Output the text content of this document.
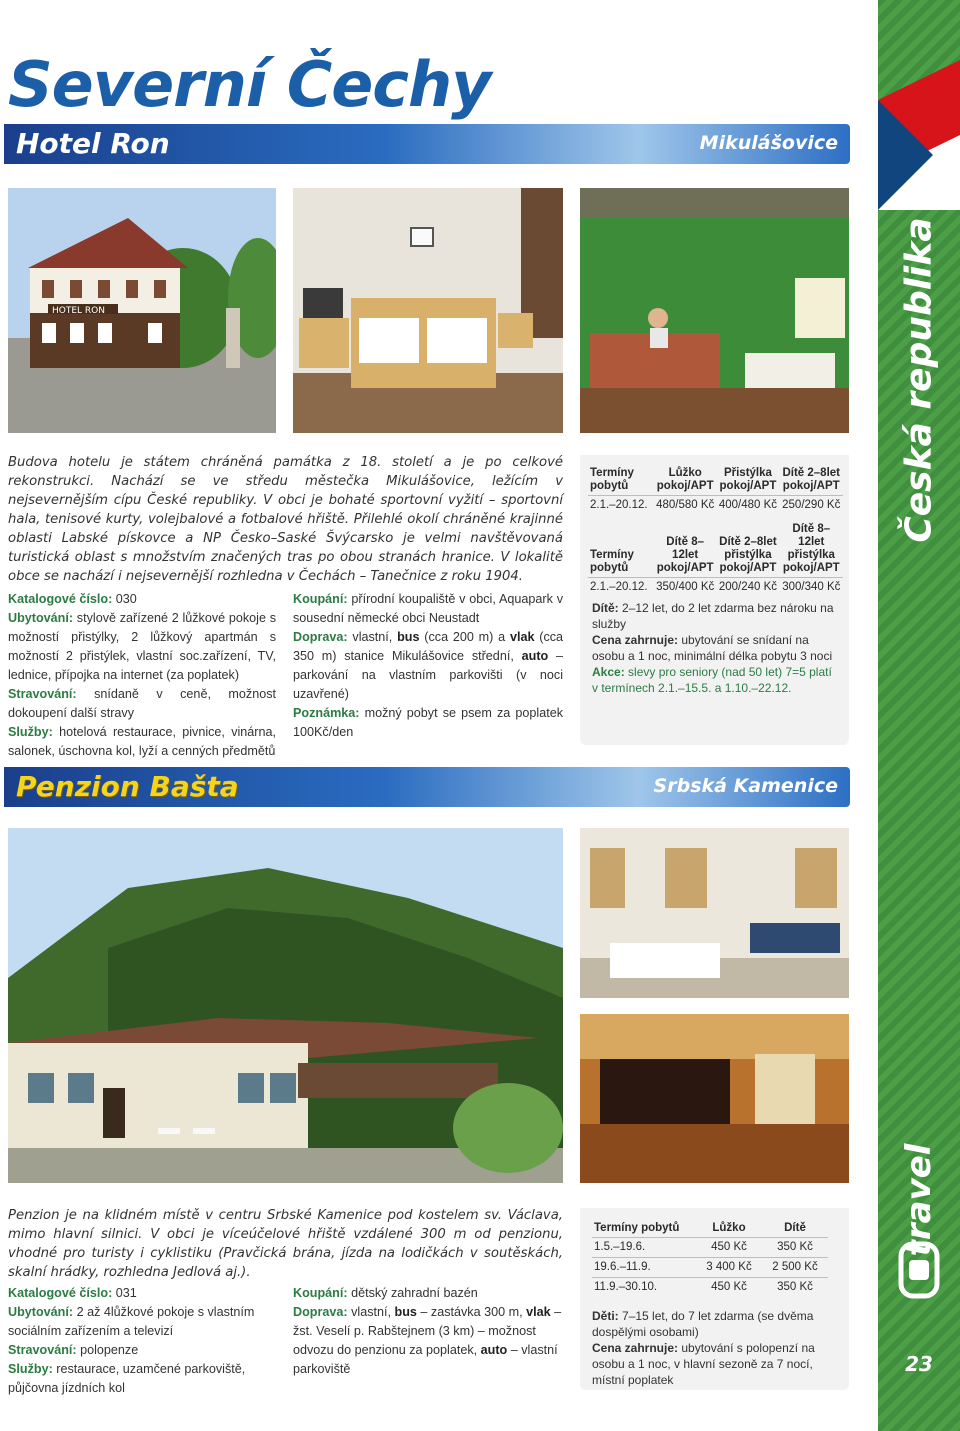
Severní Čechy
Hotel Ron	Mikulášovice
HOTEL RON

Budova hotelu je státem chráněná památka z 18. století a je po celkové rekonstrukci. Nachází se ve středu městečka Mikulášovice, ležícím v nejsevernějším cípu České republiky. V obci je bohaté sportovní vyžití – sportovní hala, tenisové kurty, volejbalové a fotbalové hřiště. Přilehlé okolí chráněné krajinné oblasti Labské pískovce a NP Česko–Saské Švýcarsko je velmi navštěvovaná turistická oblast s množstvím značených tras po obou stranách hranice. V lokalitě obce se nachází i nejsevernější rozhledna v Čechách – Tanečnice z roku 1904.

Katalogové číslo: 030
Ubytování: stylově zařízené 2 lůžkové pokoje s možností přistýlky, 2 lůžkový apartmán s možností 2 přistýlek, vlastní soc.zařízení, TV, lednice, přípojka na internet (za poplatek)
Stravování: snídaně v ceně, možnost dokoupení další stravy
Služby: hotelová restaurace, pivnice, vinárna, salonek, úschovna kol, lyží a cenných předmětů

Koupání: přírodní koupaliště v obci, Aquapark v sousední německé obci Neustadt
Doprava: vlastní, bus (cca 200 m) a vlak (cca 350 m) stanice Mikulášovice střední, auto – parkování na vlastním parkovišti (v noci uzavřené)
Poznámka: možný pobyt se psem za poplatek 100Kč/den

Termíny pobytů	Lůžko pokoj/APT	Přistýlka pokoj/APT	Dítě 2–8let pokoj/APT
2.1.–20.12.	480/580 Kč	400/480 Kč	250/290 Kč
Termíny pobytů	Dítě 8–12let pokoj/APT	Dítě 2–8let přistýlka pokoj/APT	Dítě 8–12let přistýlka pokoj/APT
2.1.–20.12.	350/400 Kč	200/240 Kč	300/340 Kč

Dítě: 2–12 let, do 2 let zdarma bez nároku na služby
Cena zahrnuje: ubytování se snídaní na osobu a 1 noc, minimální délka pobytu 3 noci
Akce: slevy pro seniory (nad 50 let) 7=5 platí v termínech 2.1.–15.5. a 1.10.–22.12.

Penzion Bašta	Srbská Kamenice

Penzion je na klidném místě v centru Srbské Kamenice pod kostelem sv. Václava, mimo hlavní silnici. V obci je víceúčelové hřiště vzdálené 300 m od penzionu, vhodné pro turisty i cyklistiku (Pravčická brána, jízda na lodičkách v soutěskách, skalní hrádky, rozhledna Jedlová aj.).

Katalogové číslo: 031
Ubytování: 2 až 4lůžkové pokoje s vlastním sociálním zařízením a televizí
Stravování: polopenze
Služby: restaurace, uzamčené parkoviště, půjčovna jízdních kol

Koupání: dětský zahradní bazén
Doprava: vlastní, bus – zastávka 300 m, vlak – žst. Veselí p. Rabštejnem (3 km) – možnost odvozu do penzionu za poplatek, auto – vlastní parkoviště

Termíny pobytů	Lůžko	Dítě
1.5.–19.6.	450 Kč	350 Kč
19.6.–11.9.	3 400 Kč	2 500 Kč
11.9.–30.10.	450 Kč	350 Kč

Děti: 7–15 let, do 7 let zdarma (se dvěma dospělými osobami)
Cena zahrnuje: ubytování s polopenzí na osobu a 1 noc, v hlavní sezoně za 7 nocí, místní poplatek

Česká republika
travel
23
